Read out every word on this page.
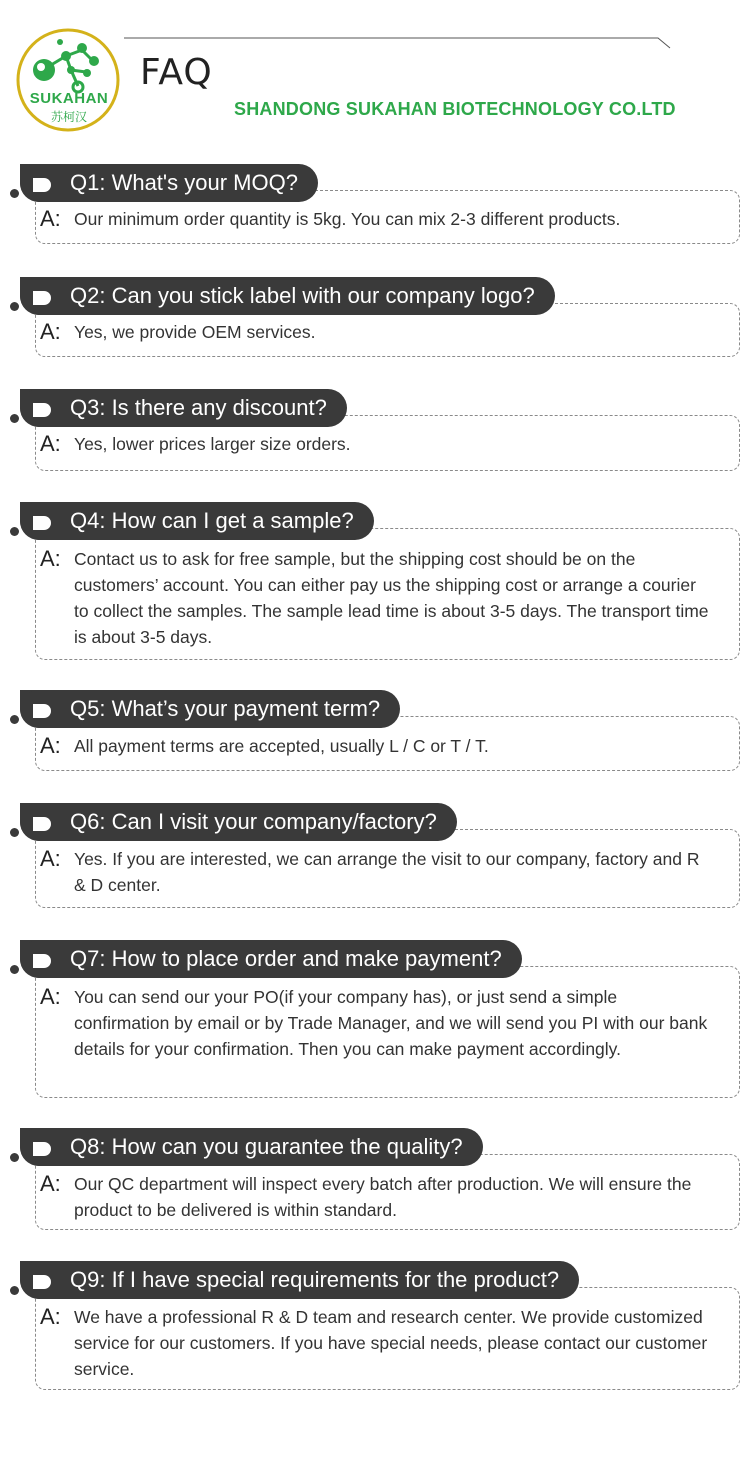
SUKAHAN
苏柯汉
FAQ
SHANDONG SUKAHAN BIOTECHNOLOGY CO.LTD
Q1: What's your MOQ?
A: Our minimum order quantity is 5kg. You can mix 2-3 different products.
Q2: Can you stick label with our company logo?
A: Yes, we provide OEM services.
Q3: Is there any discount?
A: Yes, lower prices larger size orders.
Q4: How can I get a sample?
A: Contact us to ask for free sample, but the shipping cost should be on the customers’ account. You can either pay us the shipping cost or arrange a courier to collect the samples. The sample lead time is about 3-5 days. The transport time is about 3-5 days.
Q5: What’s your payment term?
A: All payment terms are accepted, usually L / C or T / T.
Q6: Can I visit your company/factory?
A: Yes. If you are interested, we can arrange the visit to our company, factory and R & D center.
Q7: How to place order and make payment?
A: You can send our your PO(if your company has), or just send a simple confirmation by email or by Trade Manager, and we will send you PI with our bank details for your confirmation. Then you can make payment accordingly.
Q8: How can you guarantee the quality?
A: Our QC department will inspect every batch after production. We will ensure the product to be delivered is within standard.
Q9: If I have special requirements for the product?
A: We have a professional R & D team and research center. We provide customized service for our customers. If you have special needs, please contact our customer service.
